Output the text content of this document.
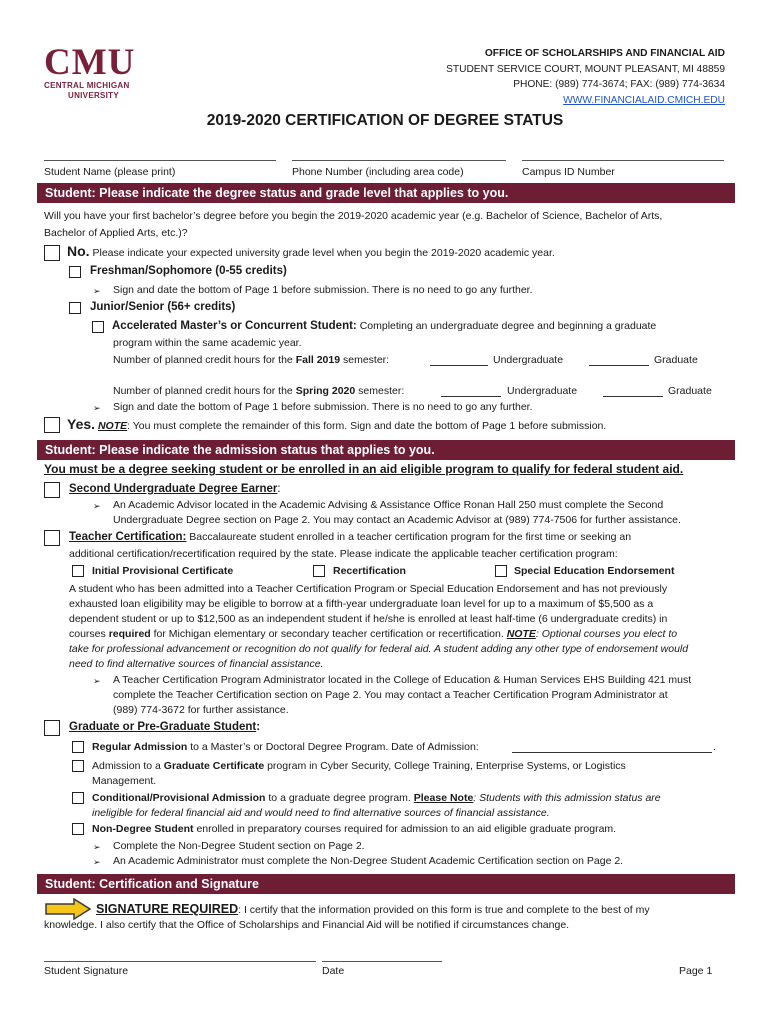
CMU
CENTRAL MICHIGAN
UNIVERSITY
OFFICE OF SCHOLARSHIPS AND FINANCIAL AID
STUDENT SERVICE COURT, MOUNT PLEASANT, MI 48859
PHONE: (989) 774-3674; FAX: (989) 774-3634
WWW.FINANCIALAID.CMICH.EDU
2019-2020 CERTIFICATION OF DEGREE STATUS
Student Name (please print)	Phone Number (including area code)	Campus ID Number
Student: Please indicate the degree status and grade level that applies to you.
Will you have your first bachelor’s degree before you begin the 2019-2020 academic year (e.g. Bachelor of Science, Bachelor of Arts,
Bachelor of Applied Arts, etc.)?
No. Please indicate your expected university grade level when you begin the 2019-2020 academic year.
Freshman/Sophomore (0-55 credits)
➢ Sign and date the bottom of Page 1 before submission. There is no need to go any further.
Junior/Senior (56+ credits)
Accelerated Master’s or Concurrent Student: Completing an undergraduate degree and beginning a graduate
program within the same academic year.
Number of planned credit hours for the Fall 2019 semester:	Undergraduate	Graduate
Number of planned credit hours for the Spring 2020 semester:	Undergraduate	Graduate
➢ Sign and date the bottom of Page 1 before submission. There is no need to go any further.
Yes. NOTE: You must complete the remainder of this form. Sign and date the bottom of Page 1 before submission.
Student: Please indicate the admission status that applies to you.
You must be a degree seeking student or be enrolled in an aid eligible program to qualify for federal student aid.
Second Undergraduate Degree Earner:
➢ An Academic Advisor located in the Academic Advising & Assistance Office Ronan Hall 250 must complete the Second
Undergraduate Degree section on Page 2. You may contact an Academic Advisor at (989) 774-7506 for further assistance.
Teacher Certification: Baccalaureate student enrolled in a teacher certification program for the first time or seeking an
additional certification/recertification required by the state. Please indicate the applicable teacher certification program:
Initial Provisional Certificate	Recertification	Special Education Endorsement
A student who has been admitted into a Teacher Certification Program or Special Education Endorsement and has not previously
exhausted loan eligibility may be eligible to borrow at a fifth-year undergraduate loan level for up to a maximum of $5,500 as a
dependent student or up to $12,500 as an independent student if he/she is enrolled at least half-time (6 undergraduate credits) in
courses required for Michigan elementary or secondary teacher certification or recertification. NOTE: Optional courses you elect to
take for professional advancement or recognition do not qualify for federal aid. A student adding any other type of endorsement would
need to find alternative sources of financial assistance.
➢ A Teacher Certification Program Administrator located in the College of Education & Human Services EHS Building 421 must
complete the Teacher Certification section on Page 2. You may contact a Teacher Certification Program Administrator at
(989) 774-3672 for further assistance.
Graduate or Pre-Graduate Student:
Regular Admission to a Master’s or Doctoral Degree Program. Date of Admission:	.
Admission to a Graduate Certificate program in Cyber Security, College Training, Enterprise Systems, or Logistics
Management.
Conditional/Provisional Admission to a graduate degree program. Please Note: Students with this admission status are
ineligible for federal financial aid and would need to find alternative sources of financial assistance.
Non-Degree Student enrolled in preparatory courses required for admission to an aid eligible graduate program.
➢ Complete the Non-Degree Student section on Page 2.
➢ An Academic Administrator must complete the Non-Degree Student Academic Certification section on Page 2.
Student: Certification and Signature
SIGNATURE REQUIRED: I certify that the information provided on this form is true and complete to the best of my
knowledge. I also certify that the Office of Scholarships and Financial Aid will be notified if circumstances change.
Student Signature	Date	Page 1
